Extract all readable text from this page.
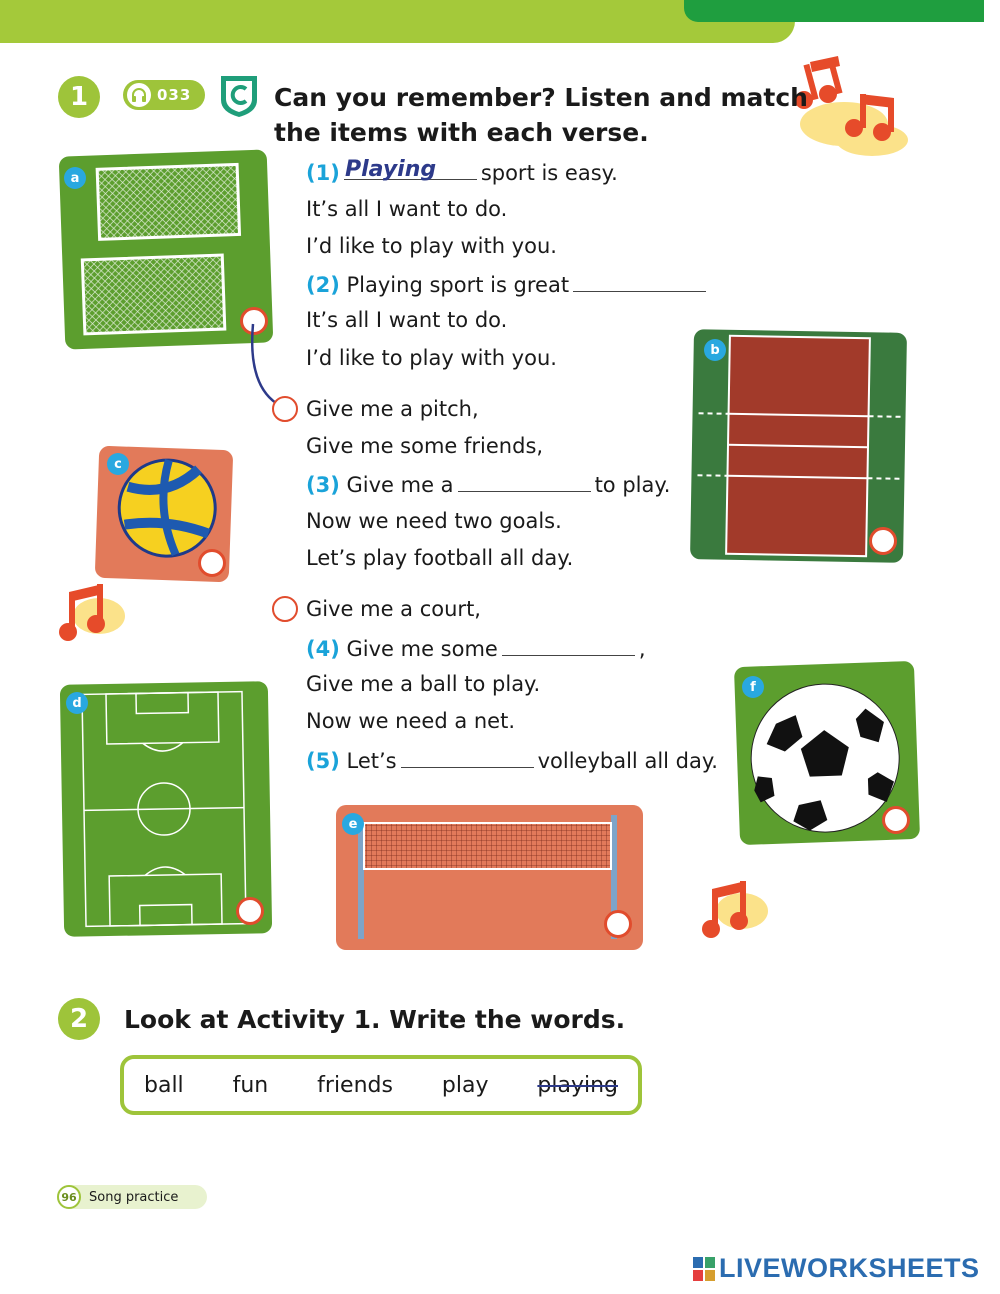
1	033	Can you remember? Listen and match
the items with each verse.
a
b
c
d
e
f
(1)	sport is easy.
Playing
It’s all I want to do.
I’d like to play with you.
(2) Playing sport is great
It’s all I want to do.
I’d like to play with you.
Give me a pitch,
Give me some friends,
(3) Give me a	to play.
Now we need two goals.
Let’s play football all day.
Give me a court,
(4) Give me some	,
Give me a ball to play.
Now we need a net.
(5) Let’s	volleyball all day.
2	Look at Activity 1. Write the words.
ball fun friends play playing
96 Song practice
LIVEWORKSHEETS
